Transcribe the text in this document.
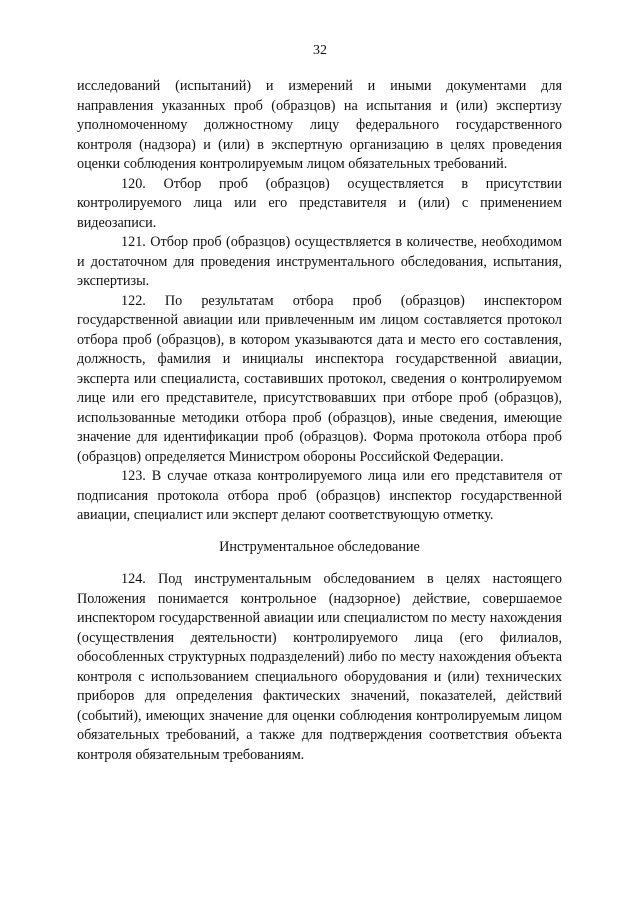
32

исследований (испытаний) и измерений и иными документами для направления указанных проб (образцов) на испытания и (или) экспертизу уполномоченному должностному лицу федерального государственного контроля (надзора) и (или) в экспертную организацию в целях проведения оценки соблюдения контролируемым лицом обязательных требований.

120. Отбор проб (образцов) осуществляется в присутствии контролируемого лица или его представителя и (или) с применением видеозаписи.

121. Отбор проб (образцов) осуществляется в количестве, необходимом и достаточном для проведения инструментального обследования, испытания, экспертизы.

122. По результатам отбора проб (образцов) инспектором государственной авиации или привлеченным им лицом составляется протокол отбора проб (образцов), в котором указываются дата и место его составления, должность, фамилия и инициалы инспектора государственной авиации, эксперта или специалиста, составивших протокол, сведения о контролируемом лице или его представителе, присутствовавших при отборе проб (образцов), использованные методики отбора проб (образцов), иные сведения, имеющие значение для идентификации проб (образцов). Форма протокола отбора проб (образцов) определяется Министром обороны Российской Федерации.

123. В случае отказа контролируемого лица или его представителя от подписания протокола отбора проб (образцов) инспектор государственной авиации, специалист или эксперт делают соответствующую отметку.

Инструментальное обследование

124. Под инструментальным обследованием в целях настоящего Положения понимается контрольное (надзорное) действие, совершаемое инспектором государственной авиации или специалистом по месту нахождения (осуществления деятельности) контролируемого лица (его филиалов, обособленных структурных подразделений) либо по месту нахождения объекта контроля с использованием специального оборудования и (или) технических приборов для определения фактических значений, показателей, действий (событий), имеющих значение для оценки соблюдения контролируемым лицом обязательных требований, а также для подтверждения соответствия объекта контроля обязательным требованиям.
